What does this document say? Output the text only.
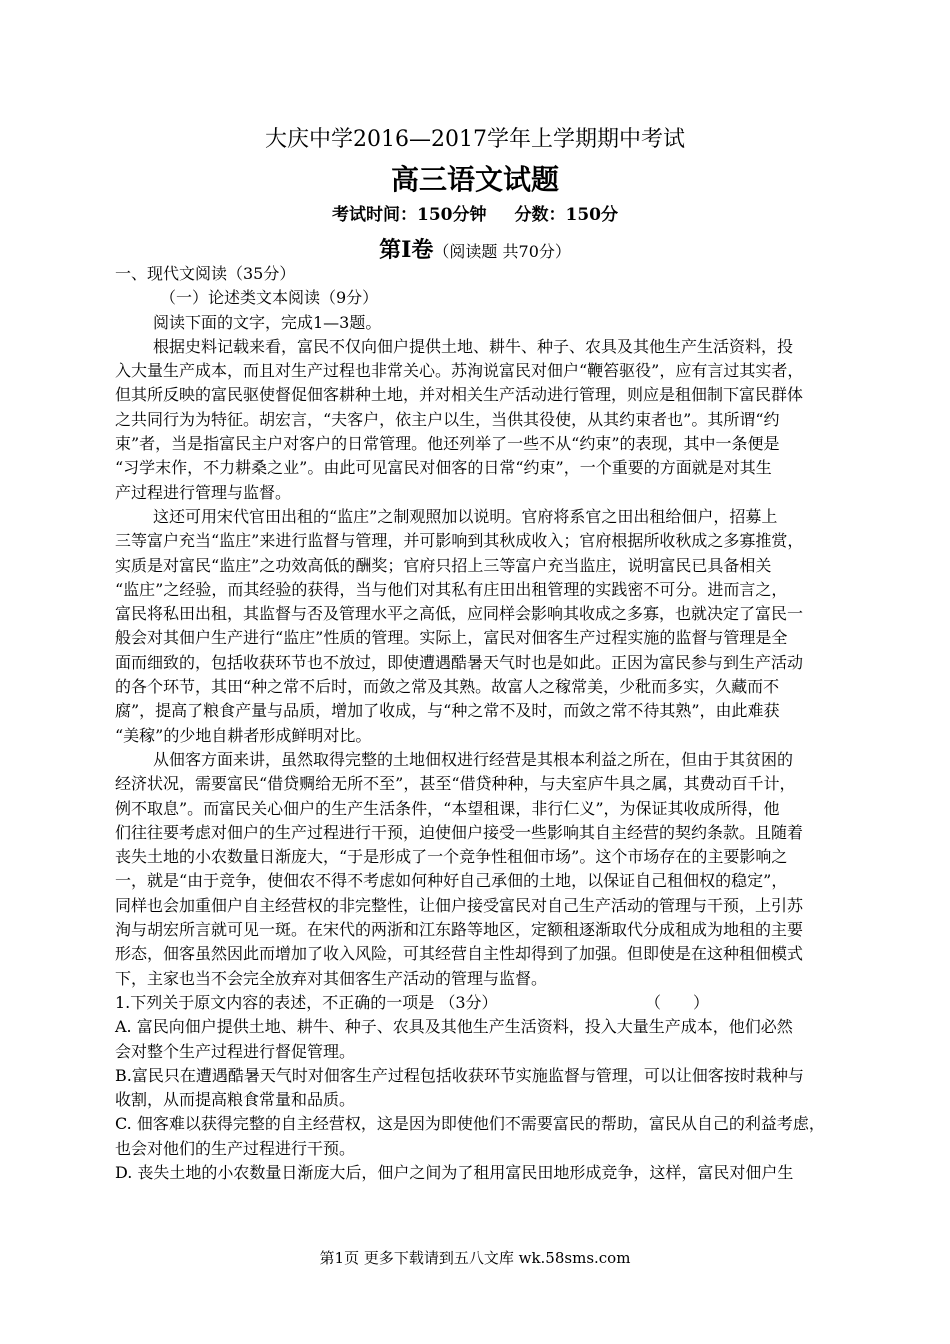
大庆中学2016—2017学年上学期期中考试
高三语文试题
考试时间：150分钟 分数：150分
第Ⅰ卷（阅读题 共70分）
一、现代文阅读（35分）
（一）论述类文本阅读（9分）
阅读下面的文字，完成1—3题。
根据史料记载来看，富民不仅向佃户提供土地、耕牛、种子、农具及其他生产生活资料，投
入大量生产成本，而且对生产过程也非常关心。苏洵说富民对佃户“鞭笞驱役”，应有言过其实者，
但其所反映的富民驱使督促佃客耕种土地，并对相关生产活动进行管理，则应是租佃制下富民群体
之共同行为为特征。胡宏言，“夫客户，依主户以生，当供其役使，从其约束者也”。其所谓“约
束”者，当是指富民主户对客户的日常管理。他还列举了一些不从“约束”的表现，其中一条便是
“习学末作，不力耕桑之业”。由此可见富民对佃客的日常“约束”，一个重要的方面就是对其生
产过程进行管理与监督。
这还可用宋代官田出租的“监庄”之制观照加以说明。官府将系官之田出租给佃户，招募上
三等富户充当“监庄”来进行监督与管理，并可影响到其秋成收入；官府根据所收秋成之多寡推赏，
实质是对富民“监庄”之功效高低的酬奖；官府只招上三等富户充当监庄，说明富民已具备相关
“监庄”之经验，而其经验的获得，当与他们对其私有庄田出租管理的实践密不可分。进而言之，
富民将私田出租，其监督与否及管理水平之高低，应同样会影响其收成之多寡，也就决定了富民一
般会对其佃户生产进行“监庄”性质的管理。实际上，富民对佃客生产过程实施的监督与管理是全
面而细致的，包括收获环节也不放过，即使遭遇酷暑天气时也是如此。正因为富民参与到生产活动
的各个环节，其田“种之常不后时，而敛之常及其熟。故富人之稼常美，少秕而多实，久藏而不
腐”，提高了粮食产量与品质，增加了收成，与“种之常不及时，而敛之常不待其熟”，由此难获
“美稼”的少地自耕者形成鲜明对比。
从佃客方面来讲，虽然取得完整的土地佃权进行经营是其根本利益之所在，但由于其贫困的
经济状况，需要富民“借贷赒给无所不至”，甚至“借贷种种，与夫室庐牛具之属，其费动百千计，
例不取息”。而富民关心佃户的生产生活条件，“本望租课，非行仁义”，为保证其收成所得，他
们往往要考虑对佃户的生产过程进行干预，迫使佃户接受一些影响其自主经营的契约条款。且随着
丧失土地的小农数量日渐庞大，“于是形成了一个竞争性租佃市场”。这个市场存在的主要影响之
一，就是“由于竞争，使佃农不得不考虑如何种好自己承佃的土地，以保证自己租佃权的稳定”，
同样也会加重佃户自主经营权的非完整性，让佃户接受富民对自己生产活动的管理与干预，上引苏
洵与胡宏所言就可见一斑。在宋代的两浙和江东路等地区，定额租逐渐取代分成租成为地租的主要
形态，佃客虽然因此而增加了收入风险，可其经营自主性却得到了加强。但即使是在这种租佃模式
下，主家也当不会完全放弃对其佃客生产活动的管理与监督。
1.下列关于原文内容的表述，不正确的一项是 （3分）	（　　）
A. 富民向佃户提供土地、耕牛、种子、农具及其他生产生活资料，投入大量生产成本，他们必然
会对整个生产过程进行督促管理。
B.富民只在遭遇酷暑天气时对佃客生产过程包括收获环节实施监督与管理，可以让佃客按时栽种与
收割，从而提高粮食常量和品质。
C. 佃客难以获得完整的自主经营权，这是因为即使他们不需要富民的帮助，富民从自己的利益考虑，
也会对他们的生产过程进行干预。
D. 丧失土地的小农数量日渐庞大后，佃户之间为了租用富民田地形成竞争，这样，富民对佃户生
第1页 更多下载请到五八文库 wk.58sms.com
